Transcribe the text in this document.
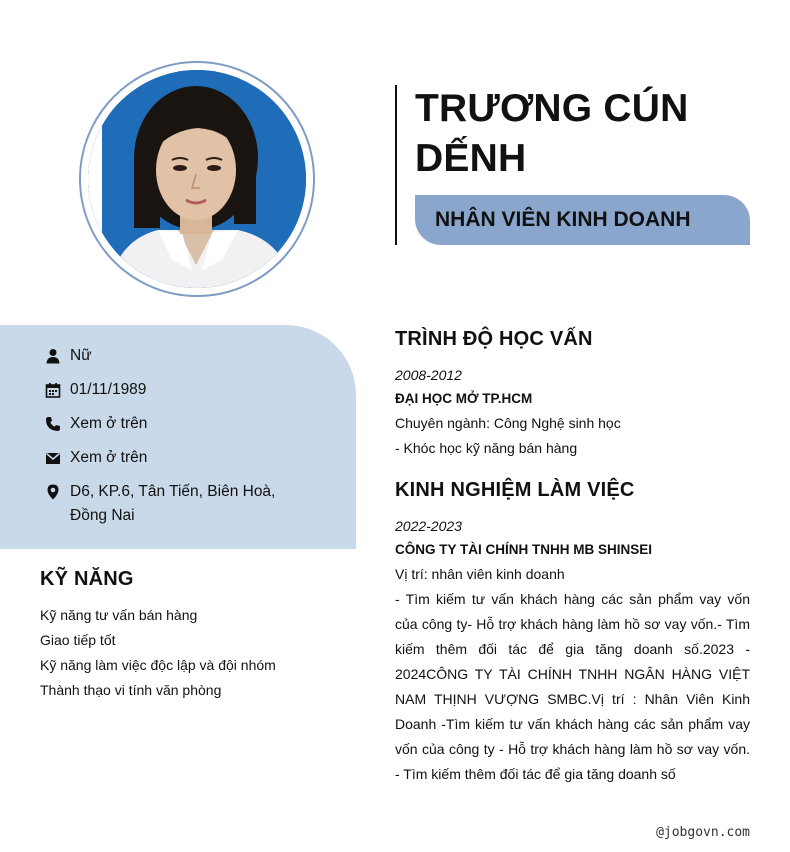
TRƯƠNG CÚN DẾNH
NHÂN VIÊN KINH DOANH
Nữ
01/11/1989
Xem ở trên
Xem ở trên
D6, KP.6, Tân Tiến, Biên Hoà, Đồng Nai
KỸ NĂNG
Kỹ năng tư vấn bán hàng
Giao tiếp tốt
Kỹ năng làm việc độc lập và đội nhóm
Thành thạo vi tính văn phòng
TRÌNH ĐỘ HỌC VẤN
2008-2012
ĐẠI HỌC MỞ TP.HCM
Chuyên ngành: Công Nghệ sinh học
- Khóc học kỹ năng bán hàng
KINH NGHIỆM LÀM VIỆC
2022-2023
CÔNG TY TÀI CHÍNH TNHH MB SHINSEI
Vị trí: nhân viên kinh doanh
- Tìm kiếm tư vấn khách hàng các sản phẩm vay vốn của công ty- Hỗ trợ khách hàng làm hồ sơ vay vốn.- Tìm kiếm thêm đối tác để gia tăng doanh số.2023 - 2024CÔNG TY TÀI CHÍNH TNHH NGÂN HÀNG VIỆT NAM THỊNH VƯỢNG SMBC.Vị trí : Nhân Viên Kinh Doanh -Tìm kiếm tư vấn khách hàng các sản phẩm vay vốn của công ty - Hỗ trợ khách hàng làm hồ sơ vay vốn. - Tìm kiếm thêm đối tác để gia tăng doanh số
@jobgovn.com
